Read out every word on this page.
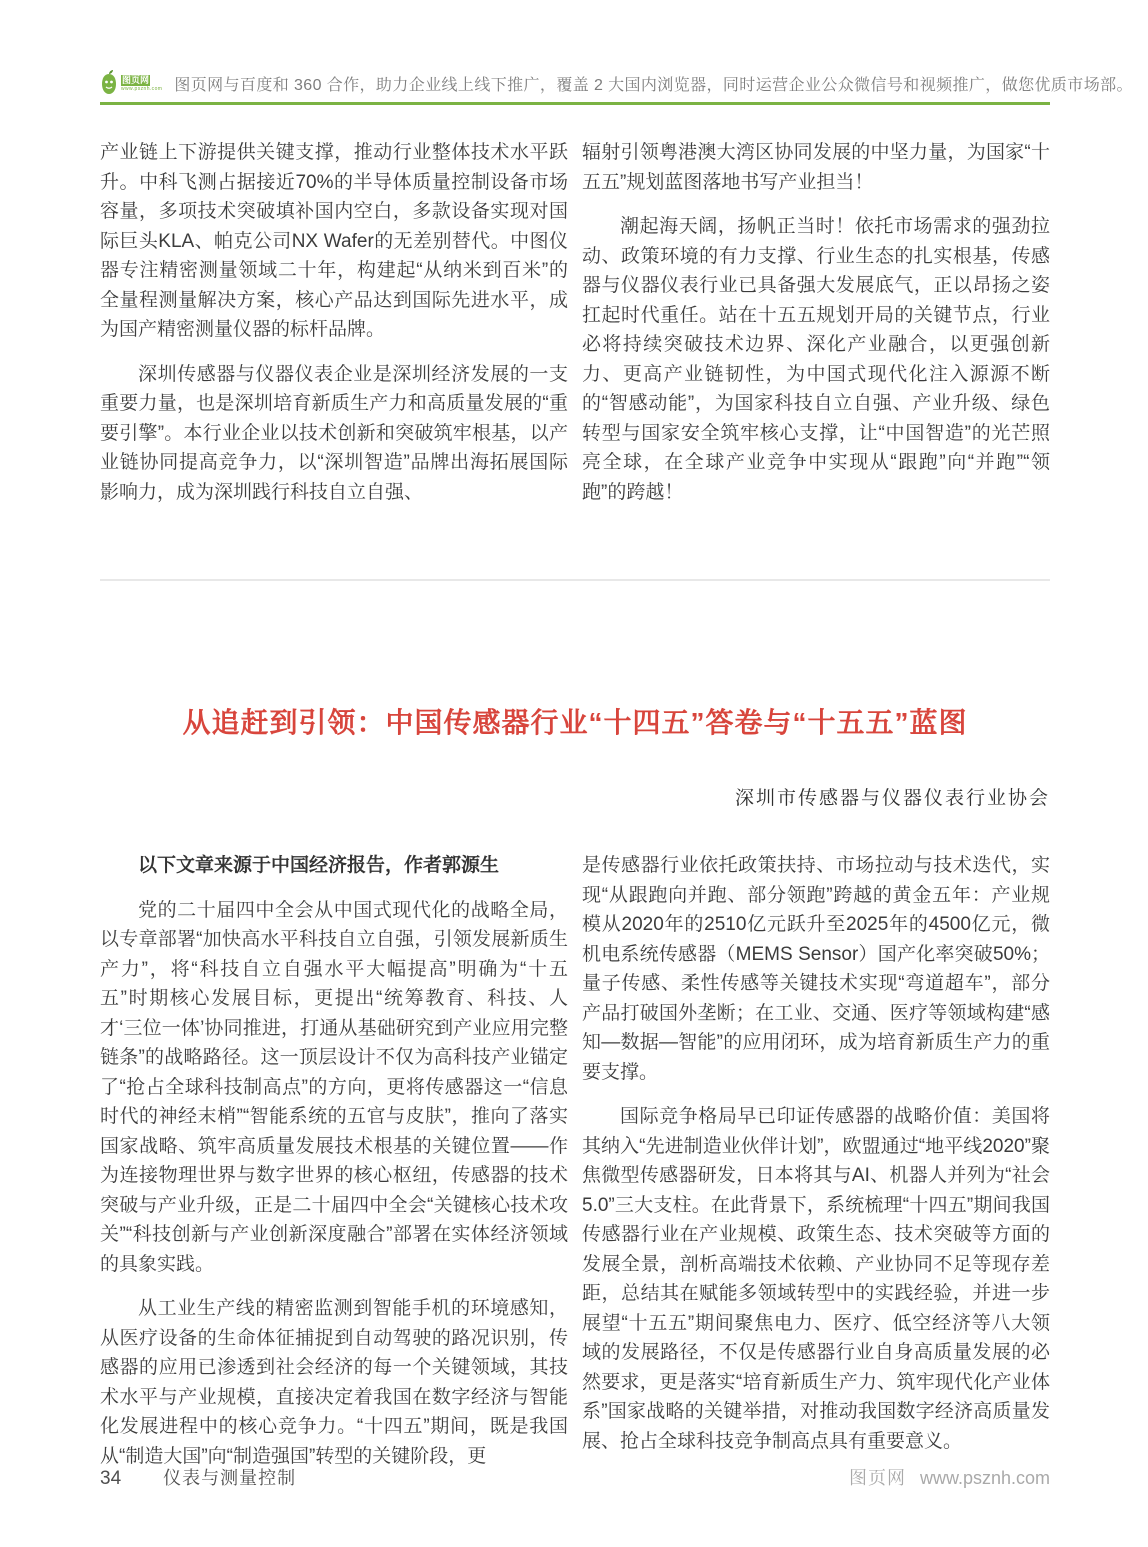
图页网
www.psznh.com 图页网与百度和 360 合作，助力企业线上线下推广，覆盖 2 大国内浏览器，同时运营企业公众微信号和视频推广，做您优质市场部。

产业链上下游提供关键支撑，推动行业整体技术水平跃升。中科飞测占据接近70%的半导体质量控制设备市场容量，多项技术突破填补国内空白，多款设备实现对国际巨头KLA、帕克公司NX Wafer的无差别替代。中图仪器专注精密测量领域二十年，构建起“从纳米到百米”的全量程测量解决方案，核心产品达到国际先进水平，成为国产精密测量仪器的标杆品牌。

深圳传感器与仪器仪表企业是深圳经济发展的一支重要力量，也是深圳培育新质生产力和高质量发展的“重要引擎”。本行业企业以技术创新和突破筑牢根基，以产业链协同提高竞争力，以“深圳智造”品牌出海拓展国际影响力，成为深圳践行科技自立自强、

辐射引领粤港澳大湾区协同发展的中坚力量，为国家“十五五”规划蓝图落地书写产业担当！

潮起海天阔，扬帆正当时！依托市场需求的强劲拉动、政策环境的有力支撑、行业生态的扎实根基，传感器与仪器仪表行业已具备强大发展底气，正以昂扬之姿扛起时代重任。站在十五五规划开局的关键节点，行业必将持续突破技术边界、深化产业融合，以更强创新力、更高产业链韧性，为中国式现代化注入源源不断的“智感动能”，为国家科技自立自强、产业升级、绿色转型与国家安全筑牢核心支撑，让“中国智造”的光芒照亮全球，在全球产业竞争中实现从“跟跑”向“并跑”“领跑”的跨越！

从追赶到引领：中国传感器行业“十四五”答卷与“十五五”蓝图
深圳市传感器与仪器仪表行业协会

以下文章来源于中国经济报告，作者郭源生

党的二十届四中全会从中国式现代化的战略全局，以专章部署“加快高水平科技自立自强，引领发展新质生产力”，将“科技自立自强水平大幅提高”明确为“十五五”时期核心发展目标，更提出“统筹教育、科技、人才‘三位一体’协同推进，打通从基础研究到产业应用完整链条”的战略路径。这一顶层设计不仅为高科技产业锚定了“抢占全球科技制高点”的方向，更将传感器这一“信息时代的神经末梢”“智能系统的五官与皮肤”，推向了落实国家战略、筑牢高质量发展技术根基的关键位置——作为连接物理世界与数字世界的核心枢纽，传感器的技术突破与产业升级，正是二十届四中全会“关键核心技术攻关”“科技创新与产业创新深度融合”部署在实体经济领域的具象实践。

从工业生产线的精密监测到智能手机的环境感知，从医疗设备的生命体征捕捉到自动驾驶的路况识别，传感器的应用已渗透到社会经济的每一个关键领域，其技术水平与产业规模，直接决定着我国在数字经济与智能化发展进程中的核心竞争力。“十四五”期间，既是我国从“制造大国”向“制造强国”转型的关键阶段，更

是传感器行业依托政策扶持、市场拉动与技术迭代，实现“从跟跑向并跑、部分领跑”跨越的黄金五年：产业规模从2020年的2510亿元跃升至2025年的4500亿元，微机电系统传感器（MEMS Sensor）国产化率突破50%；量子传感、柔性传感等关键技术实现“弯道超车”，部分产品打破国外垄断；在工业、交通、医疗等领域构建“感知—数据—智能”的应用闭环，成为培育新质生产力的重要支撑。

国际竞争格局早已印证传感器的战略价值：美国将其纳入“先进制造业伙伴计划”，欧盟通过“地平线2020”聚焦微型传感器研发，日本将其与AI、机器人并列为“社会5.0”三大支柱。在此背景下，系统梳理“十四五”期间我国传感器行业在产业规模、政策生态、技术突破等方面的发展全景，剖析高端技术依赖、产业协同不足等现存差距，总结其在赋能多领域转型中的实践经验，并进一步展望“十五五”期间聚焦电力、医疗、低空经济等八大领域的发展路径，不仅是传感器行业自身高质量发展的必然要求，更是落实“培育新质生产力、筑牢现代化产业体系”国家战略的关键举措，对推动我国数字经济高质量发展、抢占全球科技竞争制高点具有重要意义。

34 仪表与测量控制	图页网 www.psznh.com
